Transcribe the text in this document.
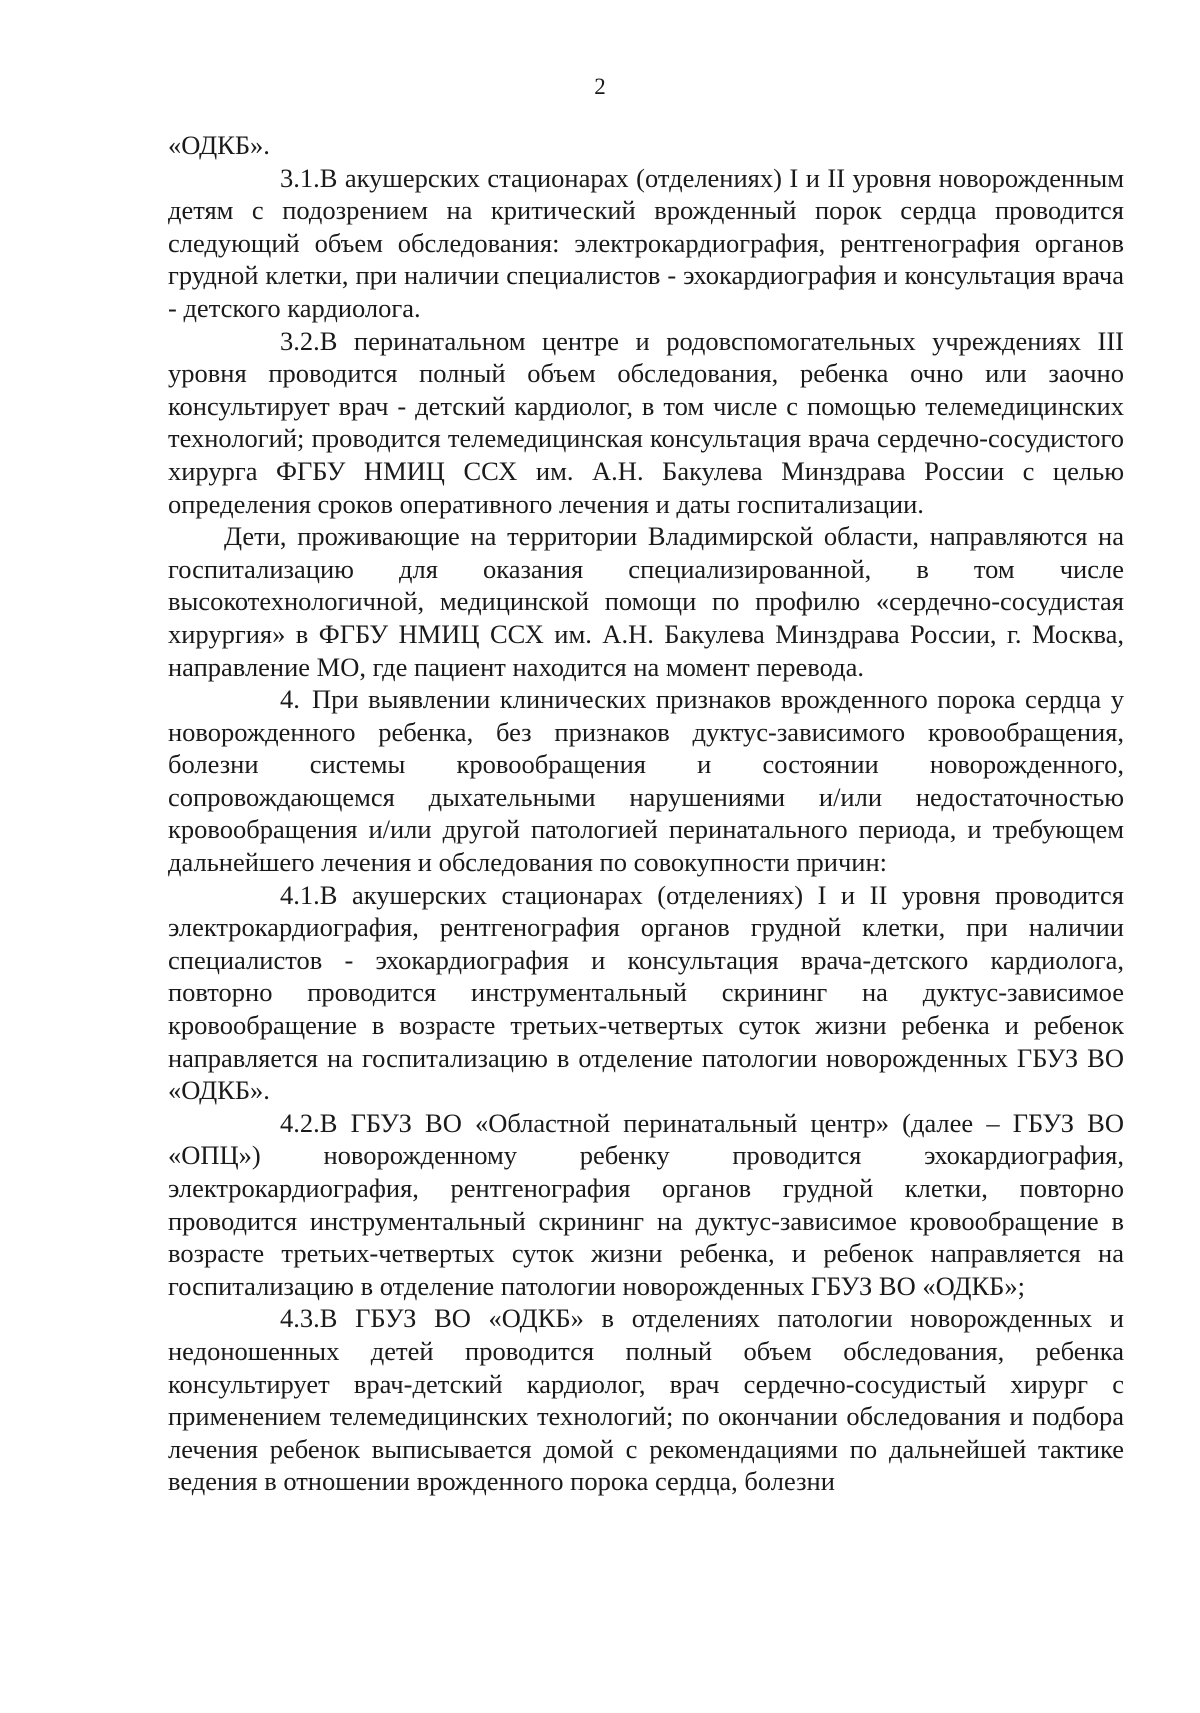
2

«ОДКБ».

3.1.В акушерских стационарах (отделениях) I и II уровня новорожденным детям с подозрением на критический врожденный порок сердца проводится следующий объем обследования: электрокардиография, рентгенография органов грудной клетки, при наличии специалистов - эхокардиография и консультация врача - детского кардиолога.

3.2.В перинатальном центре и родовспомогательных учреждениях III уровня проводится полный объем обследования, ребенка очно или заочно консультирует врач - детский кардиолог, в том числе с помощью телемедицинских технологий; проводится телемедицинская консультация врача сердечно-сосудистого хирурга ФГБУ НМИЦ ССХ им. А.Н. Бакулева Минздрава России с целью определения сроков оперативного лечения и даты госпитализации.

Дети, проживающие на территории Владимирской области, направляются на госпитализацию для оказания специализированной, в том числе высокотехнологичной, медицинской помощи по профилю «сердечно-сосудистая хирургия» в ФГБУ НМИЦ ССХ им. А.Н. Бакулева Минздрава России, г. Москва, направление МО, где пациент находится на момент перевода.

4. При выявлении клинических признаков врожденного порока сердца у новорожденного ребенка, без признаков дуктус-зависимого кровообращения, болезни системы кровообращения и состоянии новорожденного, сопровождающемся дыхательными нарушениями и/или недостаточностью кровообращения и/или другой патологией перинатального периода, и требующем дальнейшего лечения и обследования по совокупности причин:

4.1.В акушерских стационарах (отделениях) I и II уровня проводится электрокардиография, рентгенография органов грудной клетки, при наличии специалистов - эхокардиография и консультация врача-детского кардиолога, повторно проводится инструментальный скрининг на дуктус-зависимое кровообращение в возрасте третьих-четвертых суток жизни ребенка и ребенок направляется на госпитализацию в отделение патологии новорожденных ГБУЗ ВО «ОДКБ».

4.2.В ГБУЗ ВО «Областной перинатальный центр» (далее – ГБУЗ ВО «ОПЦ») новорожденному ребенку проводится эхокардиография, электрокардиография, рентгенография органов грудной клетки, повторно проводится инструментальный скрининг на дуктус-зависимое кровообращение в возрасте третьих-четвертых суток жизни ребенка, и ребенок направляется на госпитализацию в отделение патологии новорожденных ГБУЗ ВО «ОДКБ»;

4.3.В ГБУЗ ВО «ОДКБ» в отделениях патологии новорожденных и недоношенных детей проводится полный объем обследования, ребенка консультирует врач-детский кардиолог, врач сердечно-сосудистый хирург с применением телемедицинских технологий; по окончании обследования и подбора лечения ребенок выписывается домой с рекомендациями по дальнейшей тактике ведения в отношении врожденного порока сердца, болезни
